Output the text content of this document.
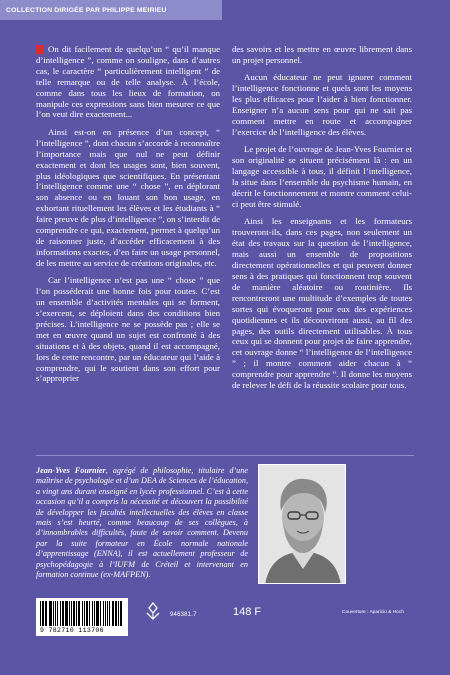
COLLECTION DIRIGÉE PAR PHILIPPE MEIRIEU

On dit facilement de quelqu’un “ qu’il manque d’intelligence ”, comme on souligne, dans d’autres cas, le caractère “ particulièrement intelligent ” de telle remarque ou de telle analyse. À l’école, comme dans tous les lieux de formation, on manipule ces expressions sans bien mesurer ce que l’on veut dire exactement...

Ainsi est-on en présence d’un concept, “ l’intelligence ”, dont chacun s’accorde à reconnaître l’importance mais que nul ne peut définir exactement et dont les usages sont, bien souvent, plus idéologiques que scientifiques. En présentant l’intelligence comme une “ chose ”, en déplorant son absence ou en louant son bon usage, en exhortant rituellement les élèves et les étudiants à “ faire preuve de plus d’intelligence ”, on s’interdit de comprendre ce qui, exactement, permet à quelqu’un de raisonner juste, d’accéder efficacement à des informations exactes, d’en faire un usage personnel, de les mettre au service de créations originales, etc.

Car l’intelligence n’est pas une “ chose ” que l’on posséderait une bonne fois pour toutes. C’est un ensemble d’activités mentales qui se forment, s’exercent, se déploient dans des conditions bien précises. L’intelligence ne se possède pas ; elle se met en œuvre quand un sujet est confronté à des situations et à des objets, quand il est accompagné, lors de cette rencontre, par un éducateur qui l’aide à comprendre, qui le soutient dans son effort pour s’approprier

des savoirs et les mettre en œuvre librement dans un projet personnel.

Aucun éducateur ne peut ignorer comment l’intelligence fonctionne et quels sont les moyens les plus efficaces pour l’aider à bien fonctionner. Enseigner n’a aucun sens pour qui ne sait pas comment mettre en route et accompagner l’exercice de l’intelligence des élèves.

Le projet de l’ouvrage de Jean-Yves Fournier et son originalité se situent précisément là : en un langage accessible à tous, il définit l’intelligence, la situe dans l’ensemble du psychisme humain, en décrit le fonctionnement et montre comment celui-ci peut être stimulé.

Ainsi les enseignants et les formateurs trouveront-ils, dans ces pages, non seulement un état des travaux sur la question de l’intelligence, mais aussi un ensemble de propositions directement opérationnelles et qui peuvent donner sens à des pratiques qui fonctionnent trop souvent de manière aléatoire ou routinière. Ils rencontreront une multitude d’exemples de toutes sortes qui évoqueront pour eux des expériences quotidiennes et ils découvriront aussi, au fil des pages, des outils directement utilisables. À tous ceux qui se donnent pour projet de faire apprendre, cet ouvrage donne “ l’intelligence de l’intelligence ” ; il montre comment aider chacun à “ comprendre pour apprendre ”. Il donne les moyens de relever le défi de la réussite scolaire pour tous.

Jean-Yves Fournier, agrégé de philosophie, titulaire d’une maîtrise de psychologie et d’un DEA de Sciences de l’éducation, a vingt ans durant enseigné en lycée professionnel. C’est à cette occasion qu’il a compris la nécessité et découvert la possibilité de développer les facultés intellectuelles des élèves en classe mais s’est heurté, comme beaucoup de ses collègues, à d’innombrables difficultés, faute de savoir comment. Devenu par la suite formateur en École normale nationale d’apprentissage (ENNA), il est actuellement professeur de psychopédagogie à l’IUFM de Créteil et intervenant en formation continue (ex-MAFPEN).
9 782710 113706
946381.7	148 F	Couverture : Aparicio & Hoch
